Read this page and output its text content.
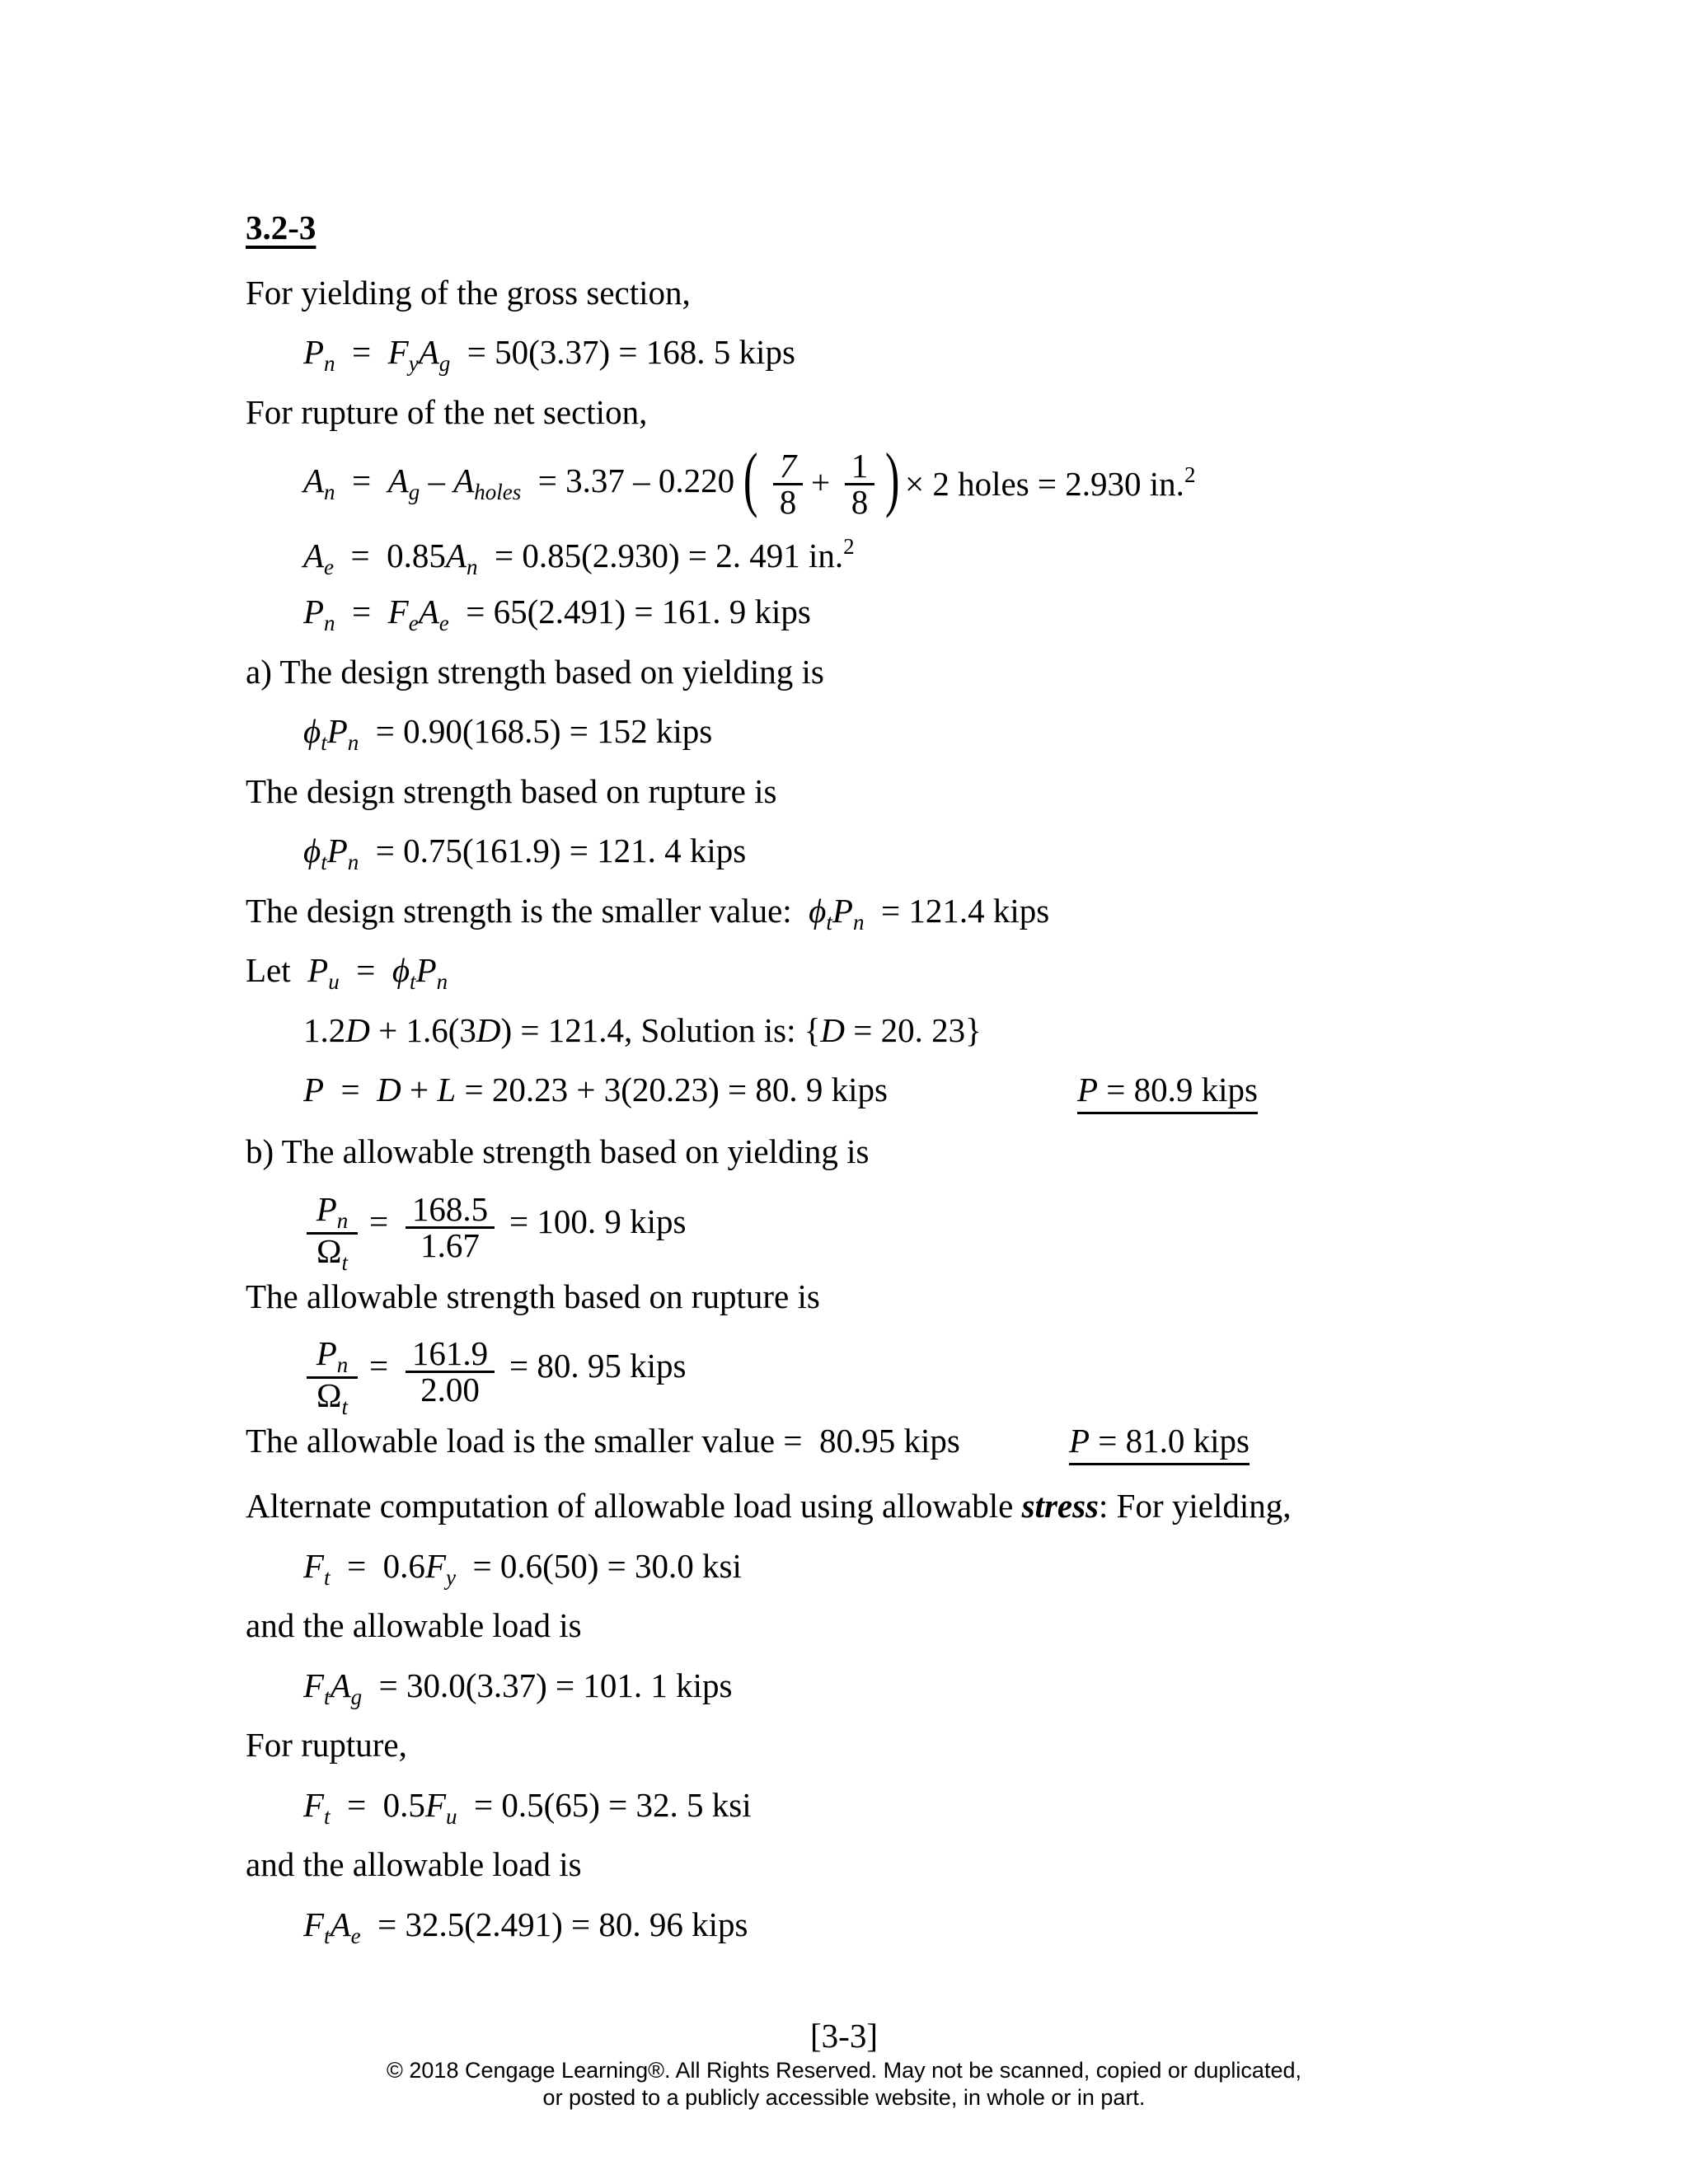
3.2-3
For yielding of the gross section,
$P_n = F_yA_g = 50(3.37) = 168$. 5 kips
For rupture of the net section,
$A_n = A_g - A_{holes} = 3.37 - 0.220$ ( 7
8
+ 1
8 ) × 2 holes = 2.930 in.$^2$
$A_e = 0.85A_n = 0.85(2.930) = 2$. 491 in.$^2$
$P_n = F_eA_e = 65(2.491) = 161$. 9 kips
a) The design strength based on yielding is
$\phi_tP_n = 0.90(168.5) = 152$ kips
The design strength based on rupture is
$\phi_tP_n = 0.75(161.9) = 121$. 4 kips
The design strength is the smaller value: $\phi_tP_n = 121.4$ kips
Let $P_u = \phi_tP_n$
1.2D + 1.6(3D) = 121.4, Solution is: {D = 20. 23}
P  =  D + L = 20.23 + 3(20.23) = 80. 9 kips	P = 80.9 kips
b) The allowable strength based on yielding is
$P_n$
$\Omega_t$
= 168.5
1.67
= 100. 9 kips
The allowable strength based on rupture is
$P_n$
$\Omega_t$
= 161.9
2.00
= 80. 95 kips
The allowable load is the smaller value = 80.95 kips	P = 81.0 kips
Alternate computation of allowable load using allowable stress: For yielding,
$F_t = 0.6F_y = 0.6(50) = 30.0$ ksi
and the allowable load is
$F_tA_g = 30.0(3.37) = 101$. 1 kips
For rupture,
$F_t = 0.5F_u = 0.5(65) = 32$. 5 ksi
and the allowable load is
$F_tA_e = 32.5(2.491) = 80$. 96 kips
[3-3]
© 2018 Cengage Learning®. All Rights Reserved. May not be scanned, copied or duplicated,
or posted to a publicly accessible website, in whole or in part.
